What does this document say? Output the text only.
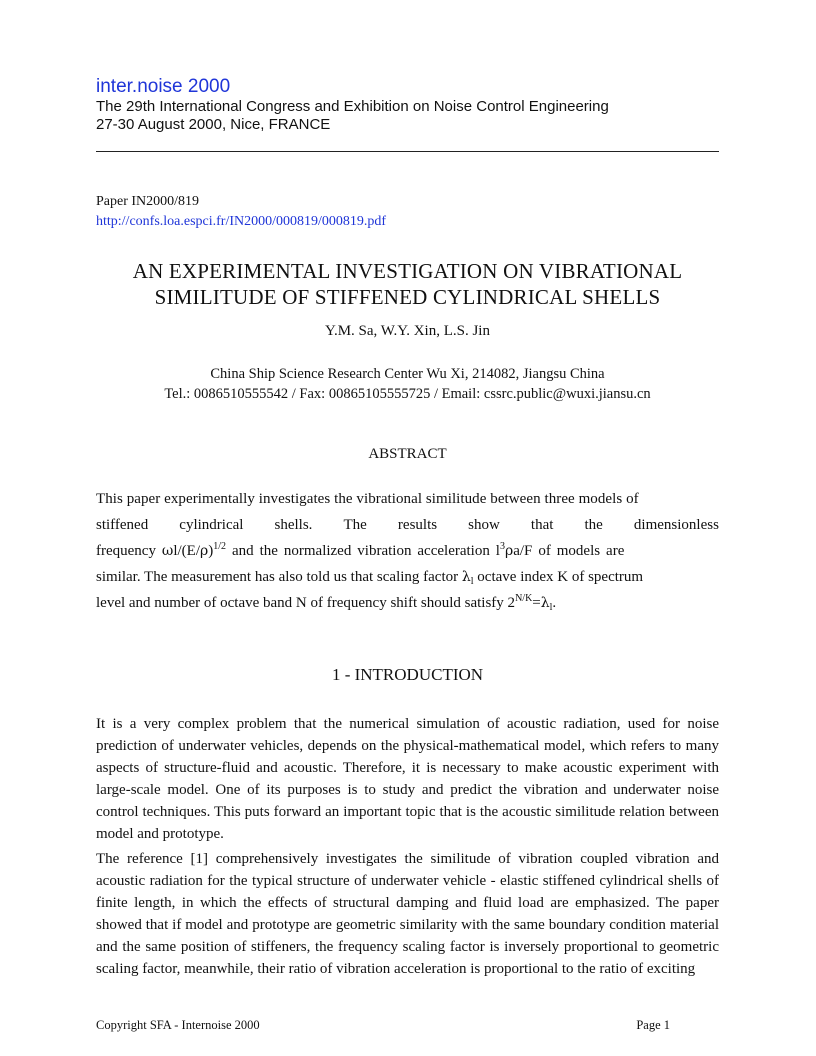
inter.noise 2000
The 29th International Congress and Exhibition on Noise Control Engineering
27-30 August 2000, Nice, FRANCE
Paper IN2000/819
http://confs.loa.espci.fr/IN2000/000819/000819.pdf
AN EXPERIMENTAL INVESTIGATION ON VIBRATIONAL
SIMILITUDE OF STIFFENED CYLINDRICAL SHELLS
Y.M. Sa, W.Y. Xin, L.S. Jin
China Ship Science Research Center Wu Xi, 214082, Jiangsu China
Tel.: 0086510555542 / Fax: 00865105555725 / Email: cssrc.public@wuxi.jiansu.cn
ABSTRACT
This paper experimentally investigates the vibrational similitude between three models of
stiffened cylindrical shells. The results show that the dimensionless
frequency $\omega l/(E/\rho)^{1/2}$ and the normalized vibration acceleration $l^3\rho a/F$ of models are
similar. The measurement has also told us that scaling factor $\lambda_l$ octave index K of spectrum
level and number of octave band N of frequency shift should satisfy $2^{N/K}=\lambda_l$.
1 - INTRODUCTION

It is a very complex problem that the numerical simulation of acoustic radiation, used for noise prediction of underwater vehicles, depends on the physical-mathematical model, which refers to many aspects of structure-fluid and acoustic. Therefore, it is necessary to make acoustic experiment with large-scale model. One of its purposes is to study and predict the vibration and underwater noise control techniques. This puts forward an important topic that is the acoustic similitude relation between model and prototype.

The reference [1] comprehensively investigates the similitude of vibration coupled vibration and acoustic radiation for the typical structure of underwater vehicle - elastic stiffened cylindrical shells of finite length, in which the effects of structural damping and fluid load are emphasized. The paper showed that if model and prototype are geometric similarity with the same boundary condition material and the same position of stiffeners, the frequency scaling factor is inversely proportional to geometric scaling factor, meanwhile, their ratio of vibration acceleration is proportional to the ratio of exciting

Copyright SFA - Internoise 2000	Page 1
